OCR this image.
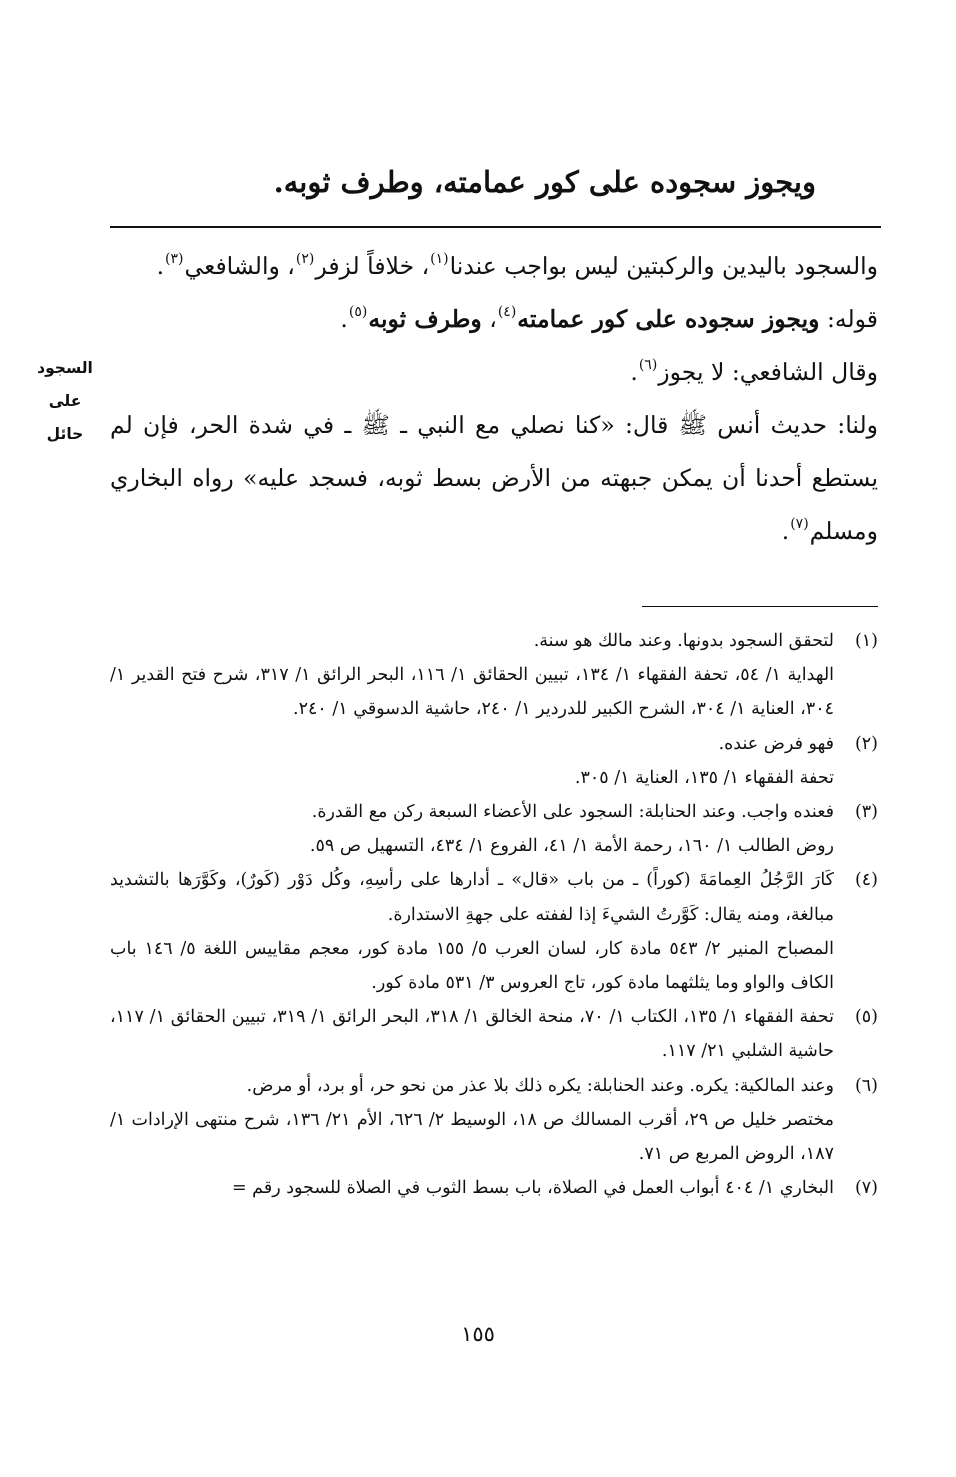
ويجوز سجوده على كور عمامته، وطرف ثوبه.
السجود
على
حائل

والسجود باليدين والركبتين ليس بواجب عندنا$^{(١)}$، خلافاً لزفر$^{(٢)}$، والشافعي$^{(٣)}$.

قوله: ويجوز سجوده على كور عمامته$^{(٤)}$، وطرف ثوبه$^{(٥)}$.

وقال الشافعي: لا يجوز$^{(٦)}$.

ولنا: حديث أنس ﷺ قال: «كنا نصلي مع النبي ـ ﷺ ـ في شدة الحر، فإن لم يستطع أحدنا أن يمكن جبهته من الأرض بسط ثوبه، فسجد عليه» رواه البخاري ومسلم$^{(٧)}$.

(١)
لتحقق السجود بدونها. وعند مالك هو سنة.
الهداية ١/ ٥٤، تحفة الفقهاء ١/ ١٣٤، تبيين الحقائق ١/ ١١٦، البحر الرائق ١/ ٣١٧، شرح فتح القدير ١/ ٣٠٤، العناية ١/ ٣٠٤، الشرح الكبير للدردير ١/ ٢٤٠، حاشية الدسوقي ١/ ٢٤٠.
(٢)
فهو فرض عنده.
تحفة الفقهاء ١/ ١٣٥، العناية ١/ ٣٠٥.
(٣)
فعنده واجب. وعند الحنابلة: السجود على الأعضاء السبعة ركن مع القدرة.
روض الطالب ١/ ١٦٠، رحمة الأمة ١/ ٤١، الفروع ١/ ٤٣٤، التسهيل ص ٥٩.
(٤)
كَارَ الرَّجُلُ العِمامَةَ (كوراً) ـ من باب «قال» ـ أدارها على رأسِهِ، وكُل دَوْر (كَورٌ)، وكَوَّرَها بالتشديد مبالغة، ومنه يقال: كَوَّرتُ الشيءَ إذا لففته على جهةِ الاستدارة.
المصباح المنير ٢/ ٥٤٣ مادة كار، لسان العرب ٥/ ١٥٥ مادة كور، معجم مقاييس اللغة ٥/ ١٤٦ باب الكاف والواو وما يثلثهما مادة كور، تاج العروس ٣/ ٥٣١ مادة كور.
(٥)
تحفة الفقهاء ١/ ١٣٥، الكتاب ١/ ٧٠، منحة الخالق ١/ ٣١٨، البحر الرائق ١/ ٣١٩، تبيين الحقائق ١/ ١١٧، حاشية الشلبي ٢١/ ١١٧.
(٦)
وعند المالكية: يكره. وعند الحنابلة: يكره ذلك بلا عذر من نحو حر، أو برد، أو مرض.
مختصر خليل ص ٢٩، أقرب المسالك ص ١٨، الوسيط ٢/ ٦٢٦، الأم ٢١/ ١٣٦، شرح منتهى الإرادات ١/ ١٨٧، الروض المربع ص ٧١.
(٧)
البخاري ١/ ٤٠٤ أبواب العمل في الصلاة، باب بسط الثوب في الصلاة للسجود رقم =
١٥٥
